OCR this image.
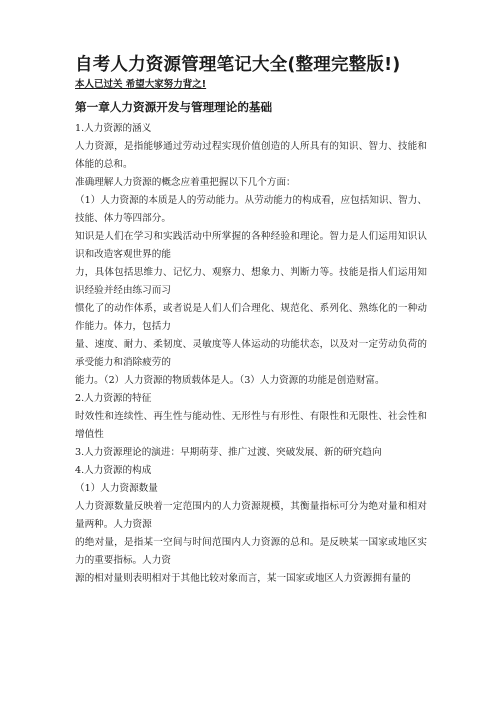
自考人力资源管理笔记大全(整理完整版!)
本人已过关 希望大家努力背之!
第一章人力资源开发与管理理论的基础

1.人力资源的涵义

人力资源，是指能够通过劳动过程实现价值创造的人所具有的知识、智力、技能和体能的总和。

准确理解人力资源的概念应着重把握以下几个方面：

（1）人力资源的本质是人的劳动能力。从劳动能力的构成看，应包括知识、智力、技能、体力等四部分。

知识是人们在学习和实践活动中所掌握的各种经验和理论。智力是人们运用知识认识和改造客观世界的能

力，具体包括思维力、记忆力、观察力、想象力、判断力等。技能是指人们运用知识经验并经由练习而习

惯化了的动作体系，或者说是人们人们合理化、规范化、系列化、熟练化的一种动作能力。体力，包括力

量、速度、耐力、柔韧度、灵敏度等人体运动的功能状态，以及对一定劳动负荷的承受能力和消除疲劳的

能力。（2）人力资源的物质载体是人。（3）人力资源的功能是创造财富。

2.人力资源的特征

时效性和连续性、再生性与能动性、无形性与有形性、有限性和无限性、社会性和增值性

3.人力资源理论的演进：早期萌芽、推广过渡、突破发展、新的研究趋向

4.人力资源的构成

（1）人力资源数量

人力资源数量反映着一定范围内的人力资源规模，其衡量指标可分为绝对量和相对量两种。人力资源

的绝对量，是指某一空间与时间范围内人力资源的总和。是反映某一国家或地区实力的重要指标。人力资

源的相对量则表明相对于其他比较对象而言，某一国家或地区人力资源拥有量的
